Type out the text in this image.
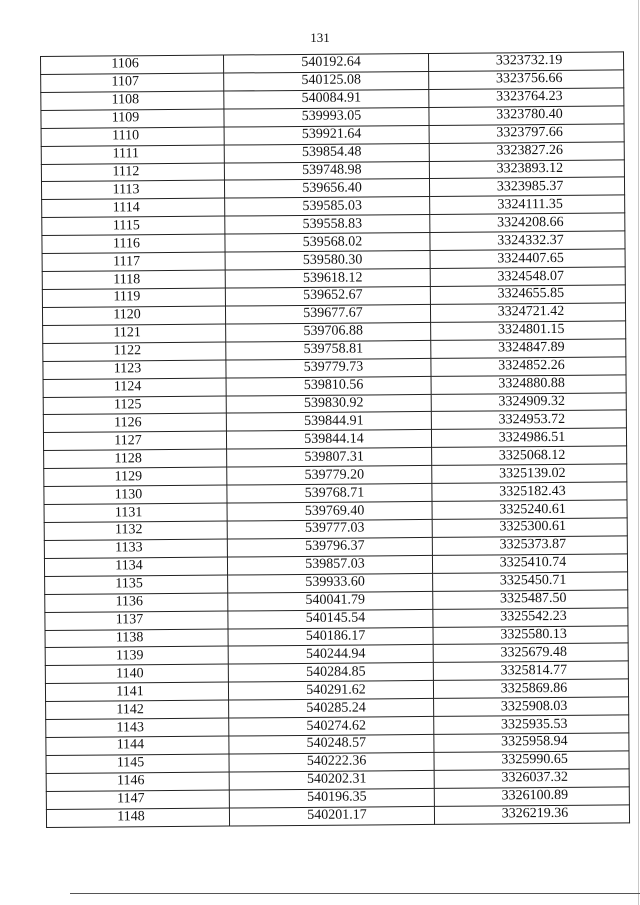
131
1106	540192.64	3323732.19
1107	540125.08	3323756.66
1108	540084.91	3323764.23
1109	539993.05	3323780.40
1110	539921.64	3323797.66
1111	539854.48	3323827.26
1112	539748.98	3323893.12
1113	539656.40	3323985.37
1114	539585.03	3324111.35
1115	539558.83	3324208.66
1116	539568.02	3324332.37
1117	539580.30	3324407.65
1118	539618.12	3324548.07
1119	539652.67	3324655.85
1120	539677.67	3324721.42
1121	539706.88	3324801.15
1122	539758.81	3324847.89
1123	539779.73	3324852.26
1124	539810.56	3324880.88
1125	539830.92	3324909.32
1126	539844.91	3324953.72
1127	539844.14	3324986.51
1128	539807.31	3325068.12
1129	539779.20	3325139.02
1130	539768.71	3325182.43
1131	539769.40	3325240.61
1132	539777.03	3325300.61
1133	539796.37	3325373.87
1134	539857.03	3325410.74
1135	539933.60	3325450.71
1136	540041.79	3325487.50
1137	540145.54	3325542.23
1138	540186.17	3325580.13
1139	540244.94	3325679.48
1140	540284.85	3325814.77
1141	540291.62	3325869.86
1142	540285.24	3325908.03
1143	540274.62	3325935.53
1144	540248.57	3325958.94
1145	540222.36	3325990.65
1146	540202.31	3326037.32
1147	540196.35	3326100.89
1148	540201.17	3326219.36
